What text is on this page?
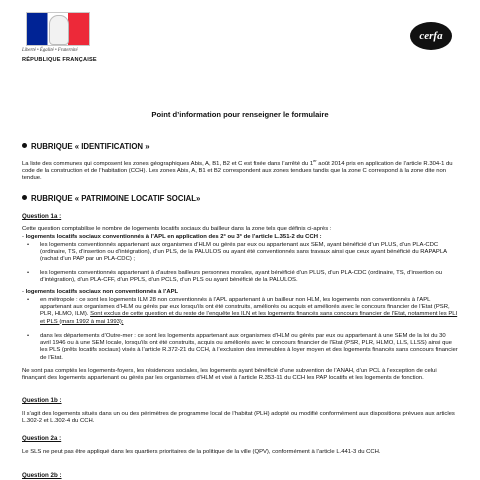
Liberté • Égalité • Fraternité
RÉPUBLIQUE FRANÇAISE
cerfa
Point d’information pour renseigner le formulaire
RUBRIQUE « IDENTIFICATION »
La liste des communes qui composent les zones géographiques Abis, A, B1, B2 et C est fixée dans l’arrêté du 1er août 2014 pris en application de l’article R.304-1 du code de la construction et de l’habitation (CCH). Les zones Abis, A, B1 et B2 correspondent aux zones tendues tandis que la zone C correspond à la zone dite non tendue.
RUBRIQUE « PATRIMOINE LOCATIF SOCIAL»
Question 1a :
Cette question comptabilise le nombre de logements locatifs sociaux du bailleur dans la zone tels que définis ci-après :
- logements locatifs sociaux conventionnés à l’APL en application des 2° ou 3° de l’article L.351-2 du CCH :
• les logements conventionnés appartenant aux organismes d’HLM ou gérés par eux ou appartenant aux SEM, ayant bénéficié d’un PLUS, d’un PLA-CDC (ordinaire, TS, d’insertion ou d’intégration), d’un PLS, de la PALULOS ou ayant été conventionnés sans travaux ainsi que ceux ayant bénéficié du RAPAPLA (rachat d’un PAP par un PLA-CDC) ;
• les logements conventionnés appartenant à d’autres bailleurs personnes morales, ayant bénéficié d’un PLUS, d’un PLA-CDC (ordinaire, TS, d’insertion ou d’intégration), d’un PLA-CFF, d’un PPLS, d’un PCLS, d’un PLS ou ayant bénéficié de la PALULOS.
- logements locatifs sociaux non conventionnés à l’APL
• en métropole : ce sont les logements ILM 28 non conventionnés à l’APL appartenant à un bailleur non HLM, les logements non conventionnés à l’APL appartenant aux organismes d’HLM ou gérés par eux lorsqu’ils ont été construits, améliorés ou acquis et améliorés avec le concours financier de l’Etat (PSR, PLR, HLMO, ILM). Sont exclus de cette question et du reste de l’enquête les ILN et les logements financés sans concours financier de l’Etat, notamment les PLI et PLS (mars 1992 à mai 1993);
• dans les départements d’Outre-mer : ce sont les logements appartenant aux organismes d’HLM ou gérés par eux ou appartenant à une SEM de la loi du 30 avril 1946 ou à une SEM locale, lorsqu’ils ont été construits, acquis ou améliorés avec le concours financier de l’Etat (PSR, PLR, HLMO, LLS, LLSS) ainsi que les PLS (prêts locatifs sociaux) visés à l’article R.372-21 du CCH, à l’exclusion des immeubles à loyer moyen et des logements financés sans concours financier de l’Etat.
Ne sont pas comptés les logements-foyers, les résidences sociales, les logements ayant bénéficié d’une subvention de l’ANAH, d’un PCL à l’exception de celui finançant des logements appartenant ou gérés par les organismes d’HLM et visé à l’article R.353-11 du CCH les PAP locatifs et les logements de fonction.
Question 1b :
Il s’agit des logements situés dans un ou des périmètres de programme local de l’habitat (PLH) adopté ou modifié conformément aux dispositions prévues aux articles L.302-2 et L.302-4 du CCH.
Question 2a :
Le SLS ne peut pas être appliqué dans les quartiers prioritaires de la politique de la ville (QPV), conformément à l’article L.441-3 du CCH.
Question 2b :
